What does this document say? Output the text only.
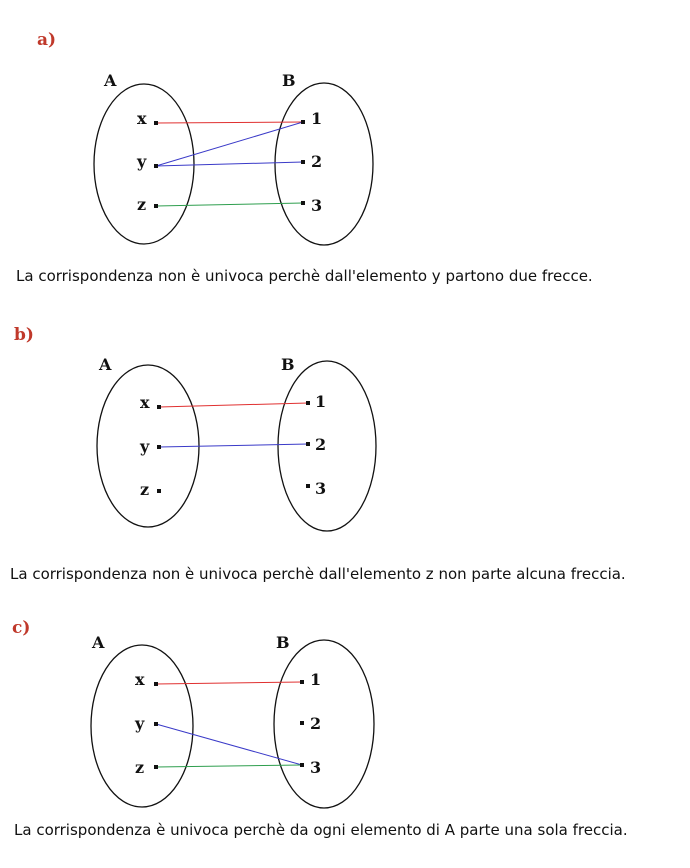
a)
A	B
x
y
z
1
2
3
La corrispondenza non è univoca perchè dall'elemento y partono due frecce.
b)
A	B
x
y
z
1
2
3
La corrispondenza non è univoca perchè dall'elemento z non parte alcuna freccia.
c)
A	B
x
y
z
1
2
3
La corrispondenza è univoca perchè da ogni elemento di A parte una sola freccia.
